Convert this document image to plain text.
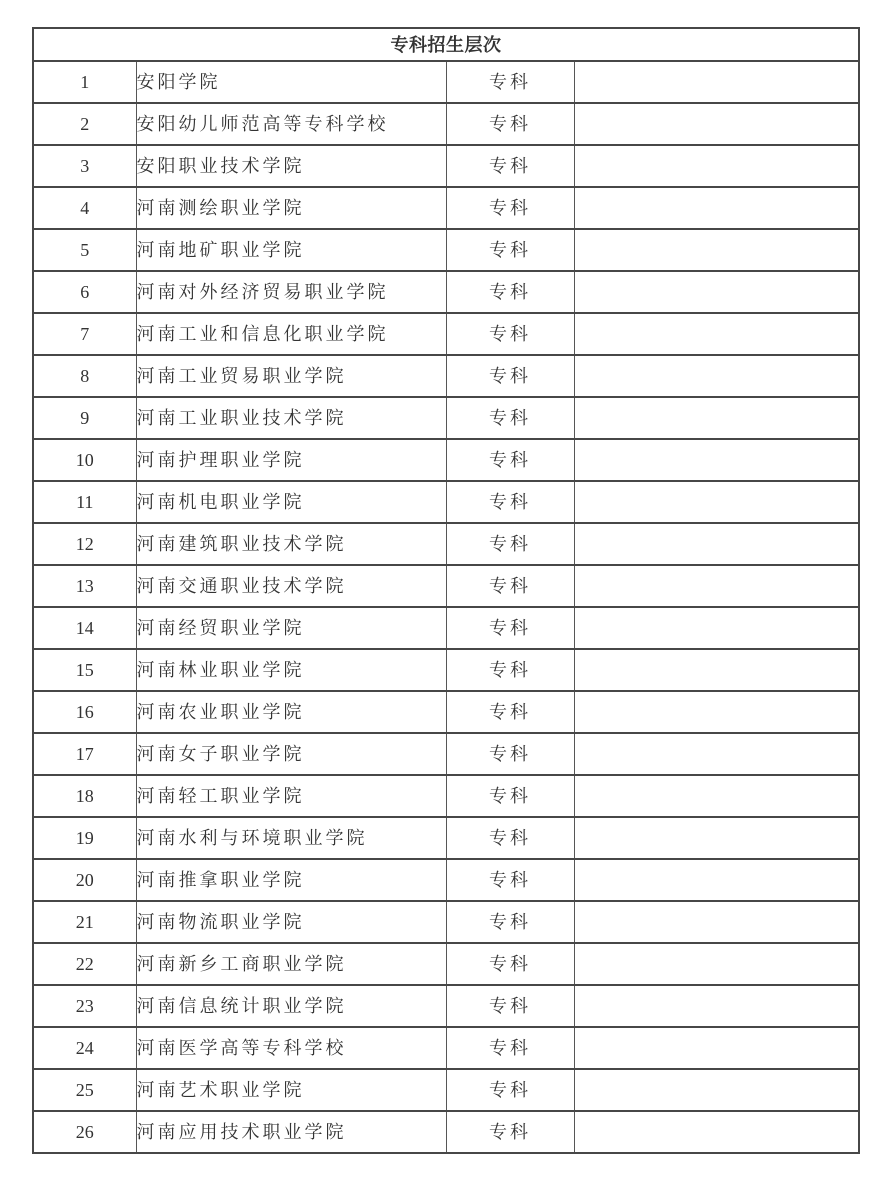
专科招生层次			
1	安阳学院	专科	
2	安阳幼儿师范高等专科学校	专科	
3	安阳职业技术学院	专科	
4	河南测绘职业学院	专科	
5	河南地矿职业学院	专科	
6	河南对外经济贸易职业学院	专科	
7	河南工业和信息化职业学院	专科	
8	河南工业贸易职业学院	专科	
9	河南工业职业技术学院	专科	
10	河南护理职业学院	专科	
11	河南机电职业学院	专科	
12	河南建筑职业技术学院	专科	
13	河南交通职业技术学院	专科	
14	河南经贸职业学院	专科	
15	河南林业职业学院	专科	
16	河南农业职业学院	专科	
17	河南女子职业学院	专科	
18	河南轻工职业学院	专科	
19	河南水利与环境职业学院	专科	
20	河南推拿职业学院	专科	
21	河南物流职业学院	专科	
22	河南新乡工商职业学院	专科	
23	河南信息统计职业学院	专科	
24	河南医学高等专科学校	专科	
25	河南艺术职业学院	专科	
26	河南应用技术职业学院	专科	
